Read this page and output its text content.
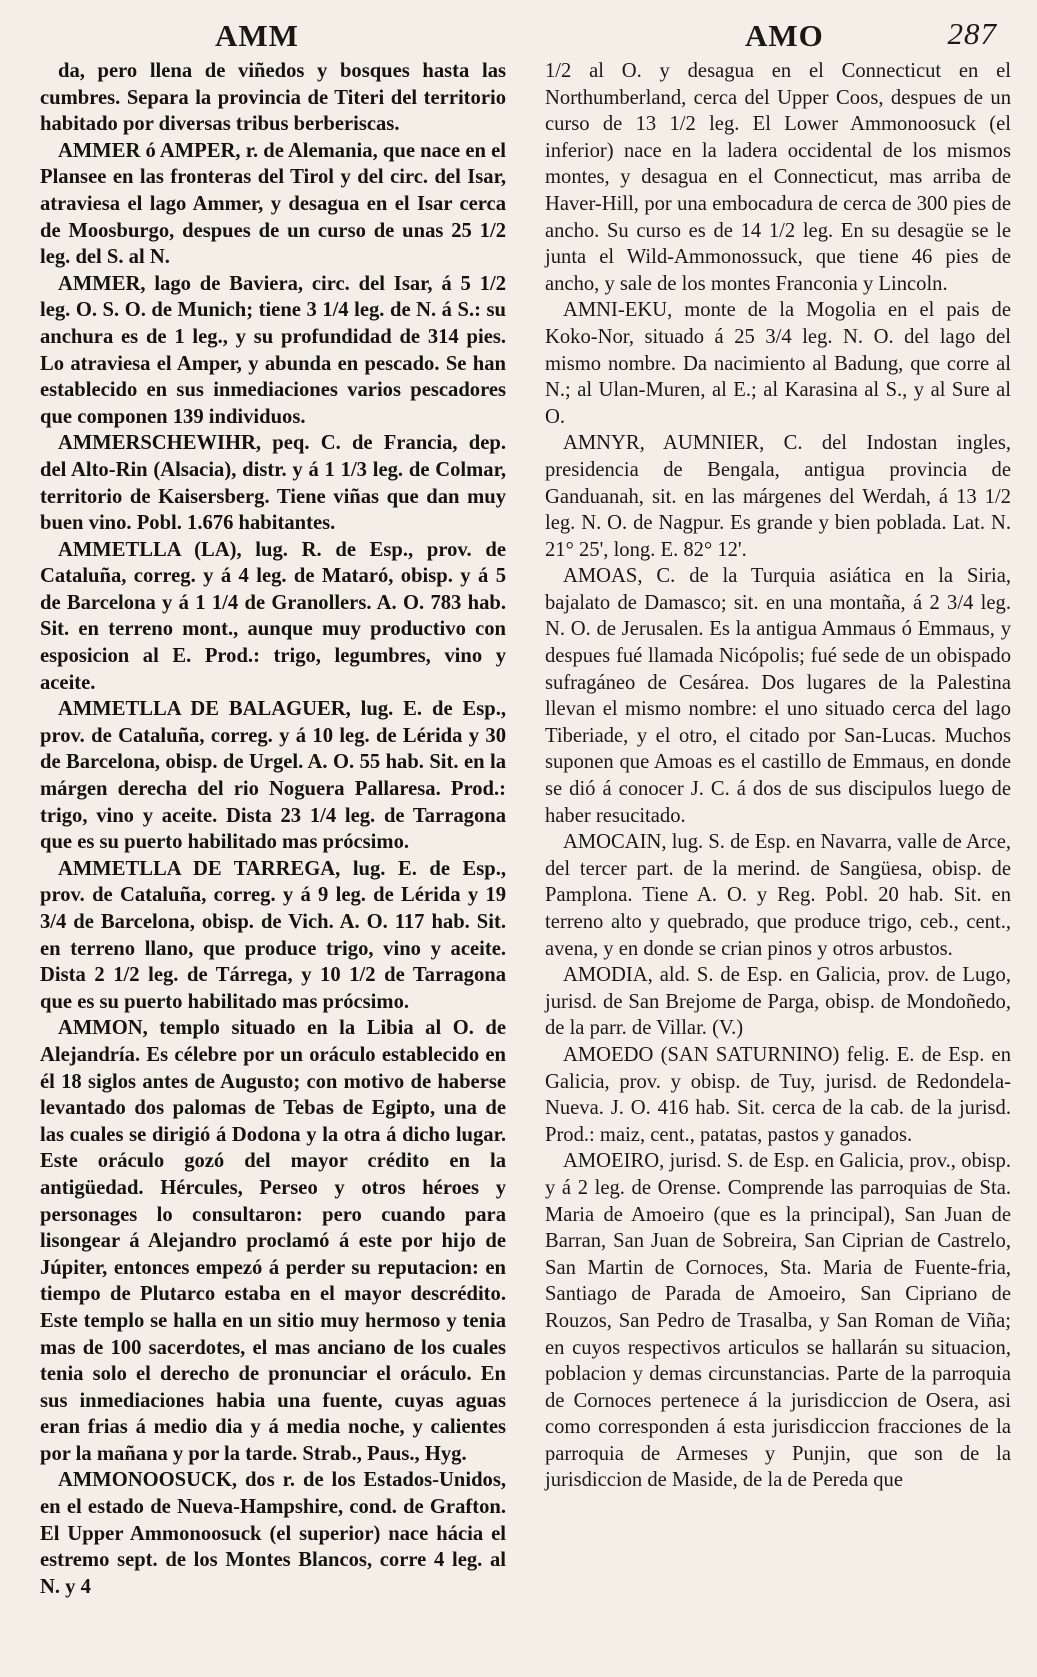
AMM	AMO	287

da, pero llena de viñedos y bosques hasta las cumbres. Separa la provincia de Titeri del territorio habitado por diversas tribus berberiscas.

AMMER ó AMPER, r. de Alemania, que nace en el Plansee en las fronteras del Tirol y del circ. del Isar, atraviesa el lago Ammer, y desagua en el Isar cerca de Moosburgo, despues de un curso de unas 25 1/2 leg. del S. al N.

AMMER, lago de Baviera, circ. del Isar, á 5 1/2 leg. O. S. O. de Munich; tiene 3 1/4 leg. de N. á S.: su anchura es de 1 leg., y su profundidad de 314 pies. Lo atraviesa el Amper, y abunda en pescado. Se han establecido en sus inmediaciones varios pescadores que componen 139 individuos.

AMMERSCHEWIHR, peq. C. de Francia, dep. del Alto-Rin (Alsacia), distr. y á 1 1/3 leg. de Colmar, territorio de Kaisersberg. Tiene viñas que dan muy buen vino. Pobl. 1.676 habitantes.

AMMETLLA (LA), lug. R. de Esp., prov. de Cataluña, correg. y á 4 leg. de Mataró, obisp. y á 5 de Barcelona y á 1 1/4 de Granollers. A. O. 783 hab. Sit. en terreno mont., aunque muy productivo con esposicion al E. Prod.: trigo, legumbres, vino y aceite.

AMMETLLA DE BALAGUER, lug. E. de Esp., prov. de Cataluña, correg. y á 10 leg. de Lérida y 30 de Barcelona, obisp. de Urgel. A. O. 55 hab. Sit. en la márgen derecha del rio Noguera Pallaresa. Prod.: trigo, vino y aceite. Dista 23 1/4 leg. de Tarragona que es su puerto habilitado mas prócsimo.

AMMETLLA DE TARREGA, lug. E. de Esp., prov. de Cataluña, correg. y á 9 leg. de Lérida y 19 3/4 de Barcelona, obisp. de Vich. A. O. 117 hab. Sit. en terreno llano, que produce trigo, vino y aceite. Dista 2 1/2 leg. de Tárrega, y 10 1/2 de Tarragona que es su puerto habilitado mas prócsimo.

AMMON, templo situado en la Libia al O. de Alejandría. Es célebre por un oráculo establecido en él 18 siglos antes de Augusto; con motivo de haberse levantado dos palomas de Tebas de Egipto, una de las cuales se dirigió á Dodona y la otra á dicho lugar. Este oráculo gozó del mayor crédito en la antigüedad. Hércules, Perseo y otros héroes y personages lo consultaron: pero cuando para lisongear á Alejandro proclamó á este por hijo de Júpiter, entonces empezó á perder su reputacion: en tiempo de Plutarco estaba en el mayor descrédito. Este templo se halla en un sitio muy hermoso y tenia mas de 100 sacerdotes, el mas anciano de los cuales tenia solo el derecho de pronunciar el oráculo. En sus inmediaciones habia una fuente, cuyas aguas eran frias á medio dia y á media noche, y calientes por la mañana y por la tarde. Strab., Paus., Hyg.

AMMONOOSUCK, dos r. de los Estados-Unidos, en el estado de Nueva-Hampshire, cond. de Grafton. El Upper Ammonoosuck (el superior) nace hácia el estremo sept. de los Montes Blancos, corre 4 leg. al N. y 4

1/2 al O. y desagua en el Connecticut en el Northumberland, cerca del Upper Coos, despues de un curso de 13 1/2 leg. El Lower Ammonoosuck (el inferior) nace en la ladera occidental de los mismos montes, y desagua en el Connecticut, mas arriba de Haver-Hill, por una embocadura de cerca de 300 pies de ancho. Su curso es de 14 1/2 leg. En su desagüe se le junta el Wild-Ammonossuck, que tiene 46 pies de ancho, y sale de los montes Franconia y Lincoln.

AMNI-EKU, monte de la Mogolia en el pais de Koko-Nor, situado á 25 3/4 leg. N. O. del lago del mismo nombre. Da nacimiento al Badung, que corre al N.; al Ulan-Muren, al E.; al Karasina al S., y al Sure al O.

AMNYR, AUMNIER, C. del Indostan ingles, presidencia de Bengala, antigua provincia de Ganduanah, sit. en las márgenes del Werdah, á 13 1/2 leg. N. O. de Nagpur. Es grande y bien poblada. Lat. N. 21° 25', long. E. 82° 12'.

AMOAS, C. de la Turquia asiática en la Siria, bajalato de Damasco; sit. en una montaña, á 2 3/4 leg. N. O. de Jerusalen. Es la antigua Ammaus ó Emmaus, y despues fué llamada Nicópolis; fué sede de un obispado sufragáneo de Cesárea. Dos lugares de la Palestina llevan el mismo nombre: el uno situado cerca del lago Tiberiade, y el otro, el citado por San-Lucas. Muchos suponen que Amoas es el castillo de Emmaus, en donde se dió á conocer J. C. á dos de sus discipulos luego de haber resucitado.

AMOCAIN, lug. S. de Esp. en Navarra, valle de Arce, del tercer part. de la merind. de Sangüesa, obisp. de Pamplona. Tiene A. O. y Reg. Pobl. 20 hab. Sit. en terreno alto y quebrado, que produce trigo, ceb., cent., avena, y en donde se crian pinos y otros arbustos.

AMODIA, ald. S. de Esp. en Galicia, prov. de Lugo, jurisd. de San Brejome de Parga, obisp. de Mondoñedo, de la parr. de Villar. (V.)

AMOEDO (SAN SATURNINO) felig. E. de Esp. en Galicia, prov. y obisp. de Tuy, jurisd. de Redondela-Nueva. J. O. 416 hab. Sit. cerca de la cab. de la jurisd. Prod.: maiz, cent., patatas, pastos y ganados.

AMOEIRO, jurisd. S. de Esp. en Galicia, prov., obisp. y á 2 leg. de Orense. Comprende las parroquias de Sta. Maria de Amoeiro (que es la principal), San Juan de Barran, San Juan de Sobreira, San Ciprian de Castrelo, San Martin de Cornoces, Sta. Maria de Fuente-fria, Santiago de Parada de Amoeiro, San Cipriano de Rouzos, San Pedro de Trasalba, y San Roman de Viña; en cuyos respectivos articulos se hallarán su situacion, poblacion y demas circunstancias. Parte de la parroquia de Cornoces pertenece á la jurisdiccion de Osera, asi como corresponden á esta jurisdiccion fracciones de la parroquia de Armeses y Punjin, que son de la jurisdiccion de Maside, de la de Pereda que
